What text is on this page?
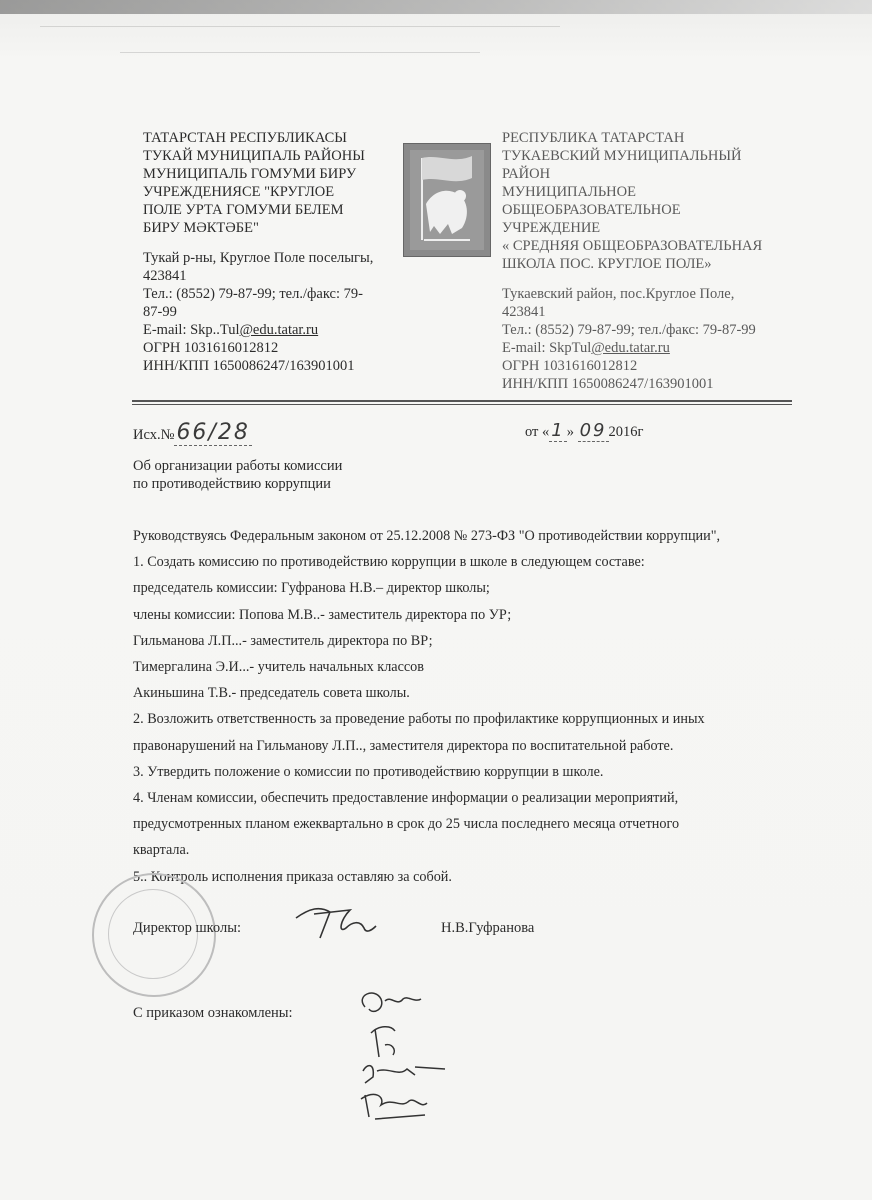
ТАТАРСТАН РЕСПУБЛИКАСЫ
ТУКАЙ МУНИЦИПАЛЬ РАЙОНЫ
МУНИЦИПАЛЬ ГОМУМИ БИРУ
УЧРЕЖДЕНИЯСЕ "КРУГЛОЕ
ПОЛЕ УРТА ГОМУМИ БЕЛЕМ
БИРУ МӘКТӘБЕ"
Тукай р-ны, Круглое Поле поселыгы,
423841
Тел.: (8552) 79-87-99; тел./факс: 79-
87-99
E-mail: Skp..Tul@edu.tatar.ru
ОГРН 1031616012812
ИНН/КПП 1650086247/163901001
РЕСПУБЛИКА ТАТАРСТАН
ТУКАЕВСКИЙ МУНИЦИПАЛЬНЫЙ
РАЙОН
МУНИЦИПАЛЬНОЕ
ОБЩЕОБРАЗОВАТЕЛЬНОЕ
УЧРЕЖДЕНИЕ
« СРЕДНЯЯ ОБЩЕОБРАЗОВАТЕЛЬНАЯ
ШКОЛА ПОС. КРУГЛОЕ ПОЛЕ»
Тукаевский район, пос.Круглое Поле,
423841
Тел.: (8552) 79-87-99; тел./факс: 79-87-99
E-mail: SkpTul@edu.tatar.ru
ОГРН 1031616012812
ИНН/КПП 1650086247/163901001
Исх.№66/28	от « 1 » 09 2016г
Об организации работы комиссии
по противодействию коррупции
Руководствуясь Федеральным законом от 25.12.2008 № 273-ФЗ "О противодействии коррупции",
1. Создать комиссию по противодействию коррупции в школе в следующем составе:
председатель комиссии: Гуфранова Н.В.– директор школы;
члены комиссии: Попова М.В..- заместитель директора по УР;
Гильманова Л.П...- заместитель директора по ВР;
Тимергалина Э.И...- учитель начальных классов
Акиньшина Т.В.- председатель совета школы.
2. Возложить ответственность за проведение работы по профилактике коррупционных и иных
правонарушений на Гильманову Л.П.., заместителя директора по воспитательной работе.
3. Утвердить положение о комиссии по противодействию коррупции в школе.
4. Членам комиссии, обеспечить предоставление информации о реализации мероприятий,
предусмотренных планом ежеквартально в срок до 25 числа последнего месяца отчетного
квартала.
5.. Контроль исполнения приказа оставляю за собой.
Директор школы:	Н.В.Гуфранова
С приказом ознакомлены:
